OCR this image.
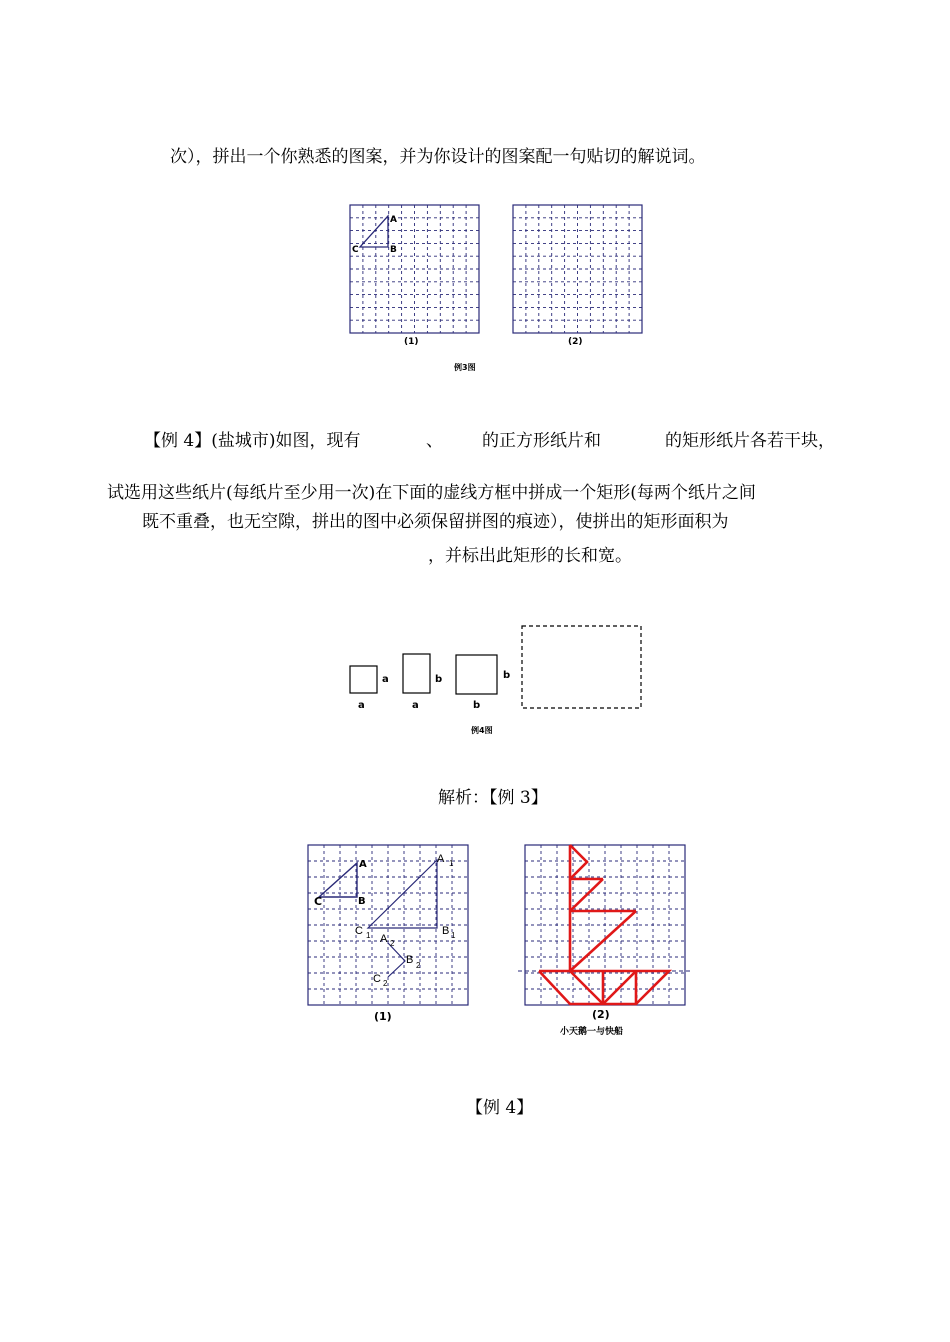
次），拼出一个你熟悉的图案，并为你设计的图案配一句贴切的解说词。
【例 4】(盐城市)如图，现有	、 的正方形纸片和	的矩形纸片各若干块，
试选用这些纸片(每纸片至少用一次)在下面的虚线方框中拼成一个矩形(每两个纸片之间
既不重叠，也无空隙，拼出的图中必须保留拼图的痕迹），使拼出的矩形面积为
，并标出此矩形的长和宽。
解析：【例 3】
【例 4】
A
B
C
(1)	(2)
例3图
a
a
b
a
b
b
例4图
A
B
C
A 1
B 1
C 1 A 2
B 2
C 2
(1)	(2)
小天鹅一与快船
